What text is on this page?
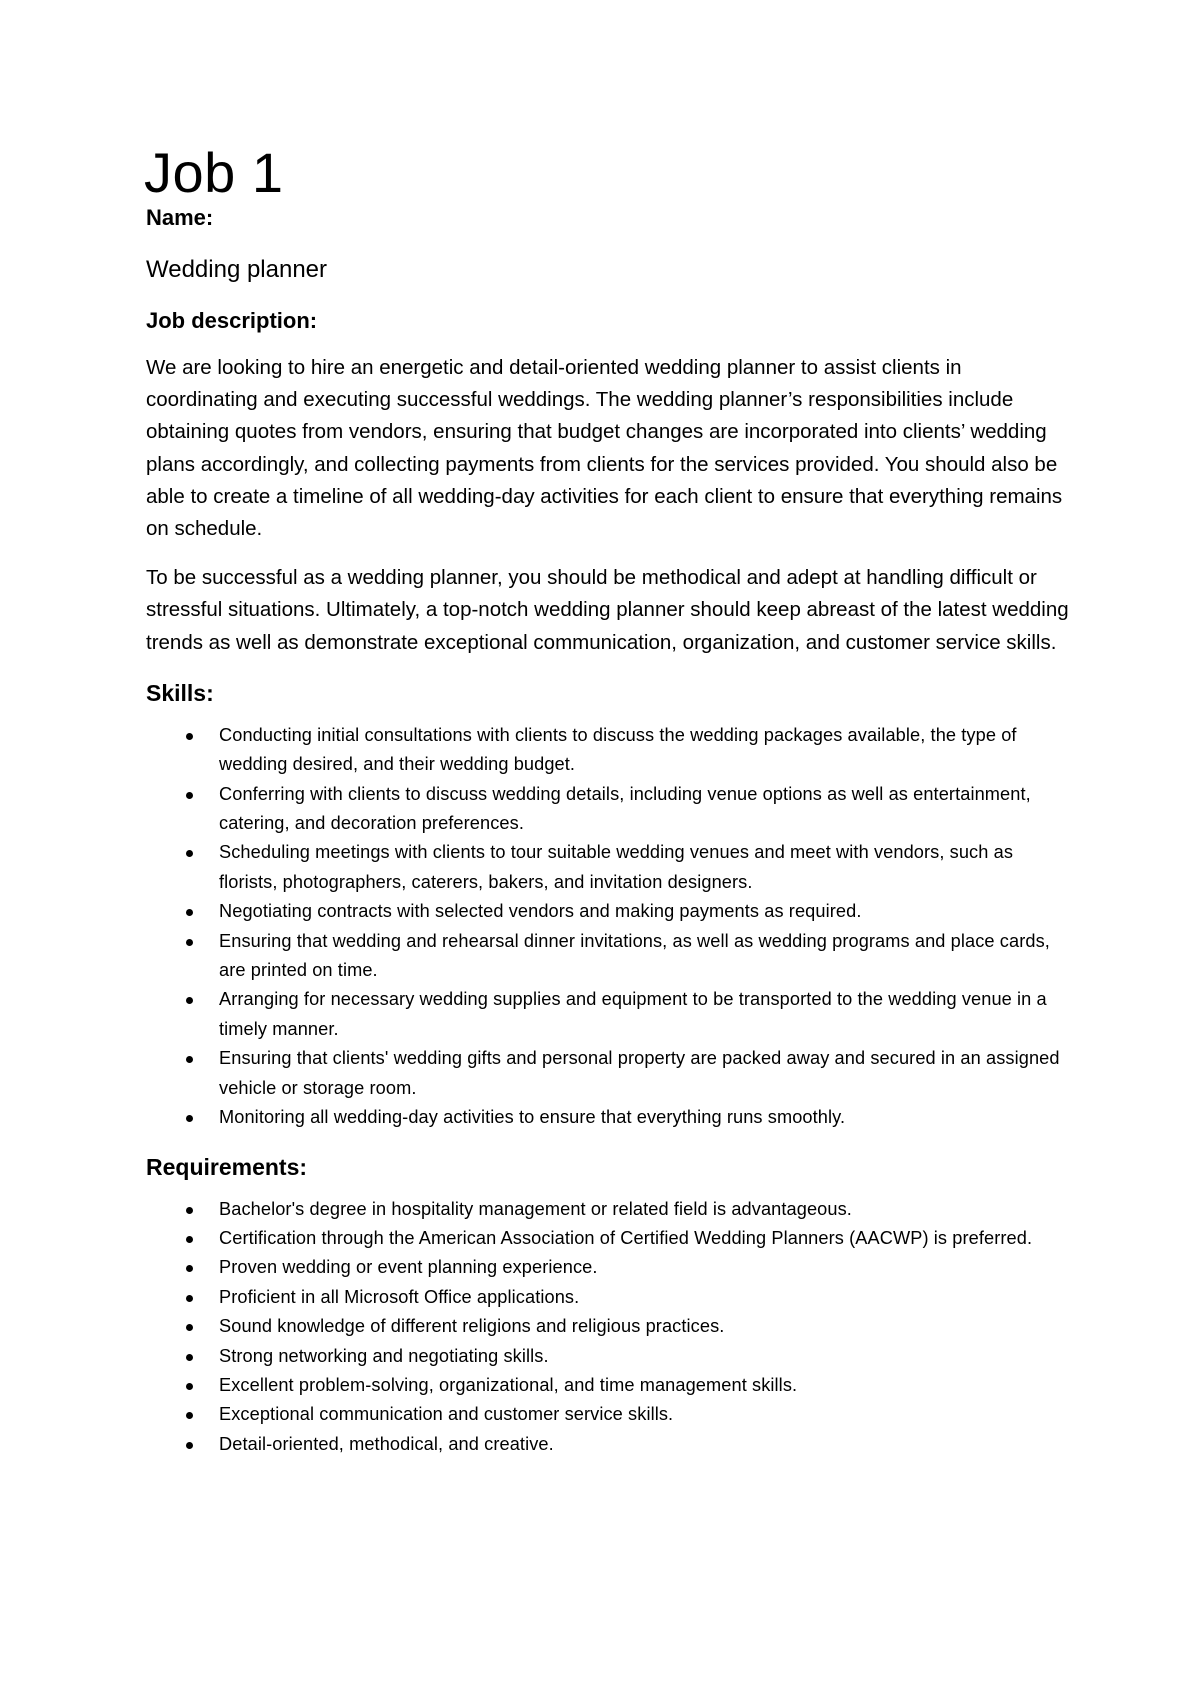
Job 1

Name:

Wedding planner

Job description:

We are looking to hire an energetic and detail-oriented wedding planner to assist clients in coordinating and executing successful weddings. The wedding planner’s responsibilities include obtaining quotes from vendors, ensuring that budget changes are incorporated into clients’ wedding plans accordingly, and collecting payments from clients for the services provided. You should also be able to create a timeline of all wedding-day activities for each client to ensure that everything remains on schedule.

To be successful as a wedding planner, you should be methodical and adept at handling difficult or stressful situations. Ultimately, a top-notch wedding planner should keep abreast of the latest wedding trends as well as demonstrate exceptional communication, organization, and customer service skills.

Skills:

Conducting initial consultations with clients to discuss the wedding packages available, the type of wedding desired, and their wedding budget.
Conferring with clients to discuss wedding details, including venue options as well as entertainment, catering, and decoration preferences.
Scheduling meetings with clients to tour suitable wedding venues and meet with vendors, such as florists, photographers, caterers, bakers, and invitation designers.
Negotiating contracts with selected vendors and making payments as required.
Ensuring that wedding and rehearsal dinner invitations, as well as wedding programs and place cards, are printed on time.
Arranging for necessary wedding supplies and equipment to be transported to the wedding venue in a timely manner.
Ensuring that clients' wedding gifts and personal property are packed away and secured in an assigned vehicle or storage room.
Monitoring all wedding-day activities to ensure that everything runs smoothly.

Requirements:

Bachelor's degree in hospitality management or related field is advantageous.
Certification through the American Association of Certified Wedding Planners (AACWP) is preferred.
Proven wedding or event planning experience.
Proficient in all Microsoft Office applications.
Sound knowledge of different religions and religious practices.
Strong networking and negotiating skills.
Excellent problem-solving, organizational, and time management skills.
Exceptional communication and customer service skills.
Detail-oriented, methodical, and creative.
